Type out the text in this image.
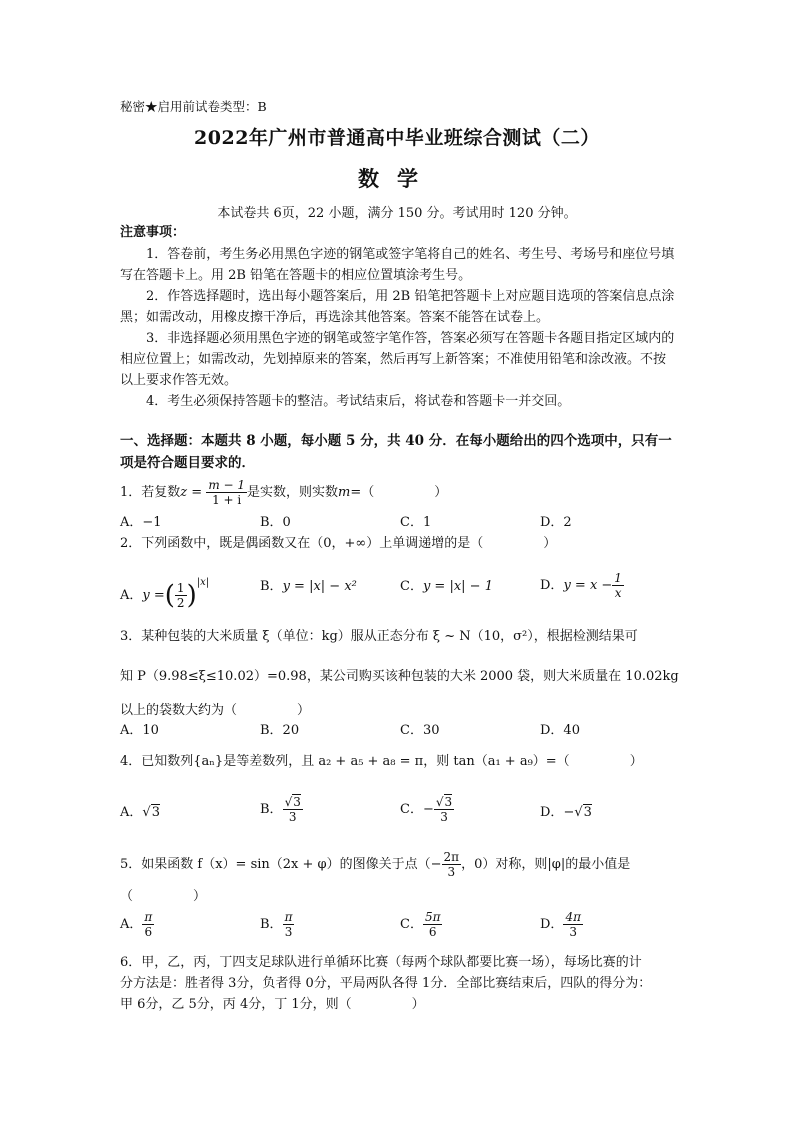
秘密★启用前试卷类型：B
2022年广州市普通高中毕业班综合测试（二）
数学
本试卷共 6页，22 小题，满分 150 分。考试用时 120 分钟。
注意事项：
1．答卷前，考生务必用黑色字迹的钢笔或签字笔将自己的姓名、考生号、考场号和座位号填写在答题卡上。用 2B 铅笔在答题卡的相应位置填涂考生号。
2．作答选择题时，选出每小题答案后，用 2B 铅笔把答题卡上对应题目选项的答案信息点涂黑；如需改动，用橡皮擦干净后，再选涂其他答案。答案不能答在试卷上。
3．非选择题必须用黑色字迹的钢笔或签字笔作答，答案必须写在答题卡各题目指定区域内的相应位置上；如需改动，先划掉原来的答案，然后再写上新答案；不准使用铅笔和涂改液。不按以上要求作答无效。
4．考生必须保持答题卡的整洁。考试结束后，将试卷和答题卡一并交回。
一、选择题：本题共 8 小题，每小题 5 分，共 40 分．在每小题给出的四个选项中，只有一项是符合题目要求的．
1．若复数$z = \frac{m - 1}{1 + i}$ 是实数，则实数m=（	）
A．−1	B．0	C．1	D．2
2．下列函数中，既是偶函数又在（0，+∞）上单调递增的是（	）
A．y =( $\frac{1}{2} )^{|x|}$	B．y = |x| − x²	C．y = |x| − 1	D．$y = x - \frac{1}{x}$
3．某种包装的大米质量 ξ（单位：kg）服从正态分布 ξ ~ N（10，σ²），根据检测结果可
知 P（9.98≤ξ≤10.02）=0.98，某公司购买该种包装的大米 2000 袋，则大米质量在 10.02kg
以上的袋数大约为（	）
A．10	B．20	C．30	D．40
4．已知数列{aₙ}是等差数列，且 a₂ + a₅ + a₈ = π，则 tan（a₁ + a₉）=（	）
A．√3	B． $\frac{√3}{3}$	C．− $\frac{√3}{3}$	D．−√3
5．如果函数 f（x）= sin（2x + φ）的图像关于点（− $\frac{2\pi}{3}$ ，0）对称，则|φ|的最小值是
（	）
A． $\frac{\pi}{6}$	B． $\frac{\pi}{3}$	C． $\frac{5\pi}{6}$	D． $\frac{4\pi}{3}$
6．甲，乙，丙，丁四支足球队进行单循环比赛（每两个球队都要比赛一场），每场比赛的计
分方法是：胜者得 3分，负者得 0分，平局两队各得 1分．全部比赛结束后，四队的得分为：
甲 6分，乙 5分，丙 4分，丁 1分，则（	）
